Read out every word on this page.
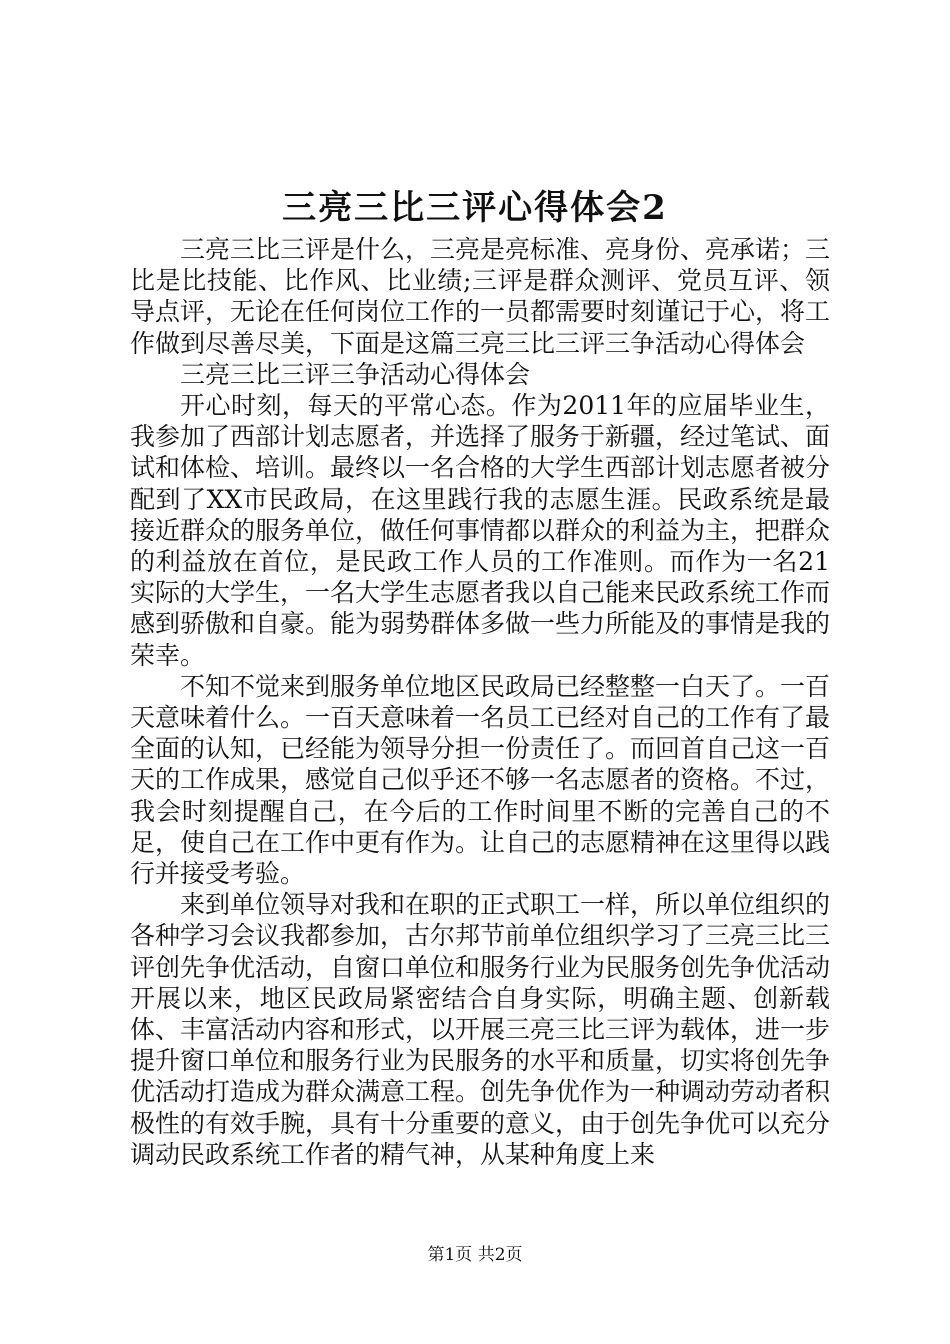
三亮三比三评心得体会2

三亮三比三评是什么，三亮是亮标准、亮身份、亮承诺；三比是比技能、比作风、比业绩;三评是群众测评、党员互评、领导点评，无论在任何岗位工作的一员都需要时刻谨记于心，将工作做到尽善尽美，下面是这篇三亮三比三评三争活动心得体会

三亮三比三评三争活动心得体会

开心时刻，每天的平常心态。作为2011年的应届毕业生，我参加了西部计划志愿者，并选择了服务于新疆，经过笔试、面试和体检、培训。最终以一名合格的大学生西部计划志愿者被分配到了XX市民政局，在这里践行我的志愿生涯。民政系统是最接近群众的服务单位，做任何事情都以群众的利益为主，把群众的利益放在首位，是民政工作人员的工作准则。而作为一名21实际的大学生，一名大学生志愿者我以自己能来民政系统工作而感到骄傲和自豪。能为弱势群体多做一些力所能及的事情是我的荣幸。

不知不觉来到服务单位地区民政局已经整整一白天了。一百天意味着什么。一百天意味着一名员工已经对自己的工作有了最全面的认知，已经能为领导分担一份责任了。而回首自己这一百天的工作成果，感觉自己似乎还不够一名志愿者的资格。不过，我会时刻提醒自己，在今后的工作时间里不断的完善自己的不足，使自己在工作中更有作为。让自己的志愿精神在这里得以践行并接受考验。

来到单位领导对我和在职的正式职工一样，所以单位组织的各种学习会议我都参加，古尔邦节前单位组织学习了三亮三比三评创先争优活动，自窗口单位和服务行业为民服务创先争优活动开展以来，地区民政局紧密结合自身实际，明确主题、创新载体、丰富活动内容和形式，以开展三亮三比三评为载体，进一步提升窗口单位和服务行业为民服务的水平和质量，切实将创先争优活动打造成为群众满意工程。创先争优作为一种调动劳动者积极性的有效手腕，具有十分重要的意义，由于创先争优可以充分调动民政系统工作者的精气神，从某种角度上来

第1页 共2页
